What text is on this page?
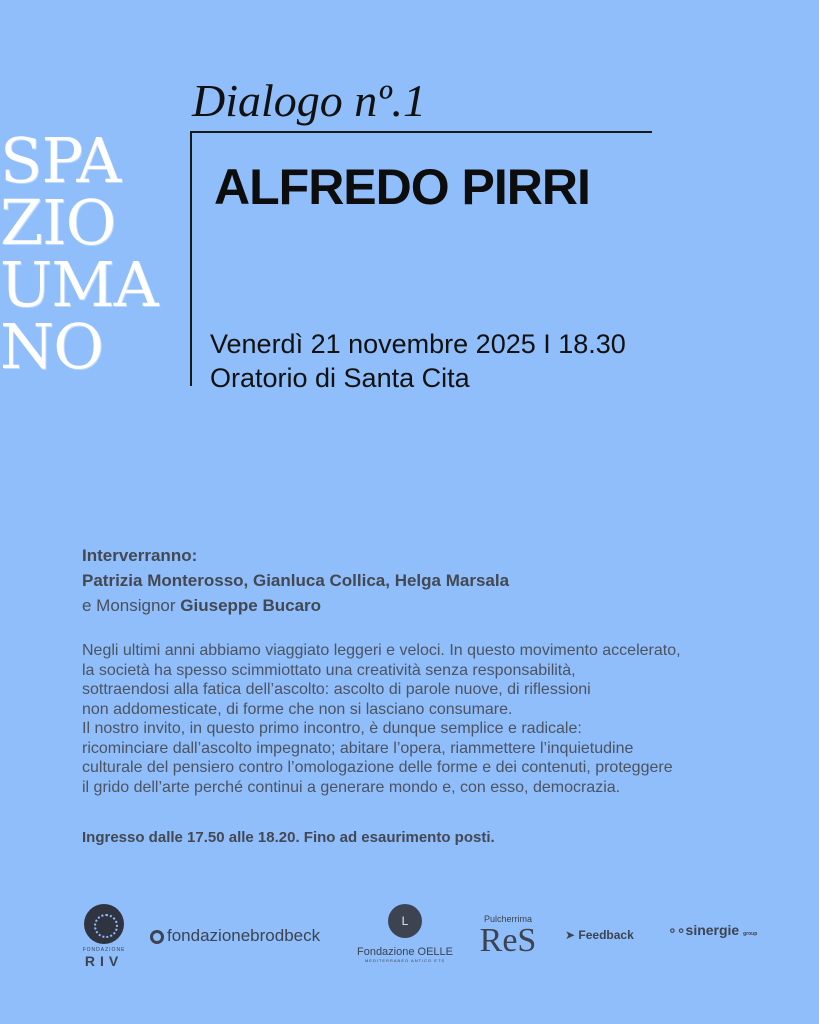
SPA
ZIO
UMA
NO
Dialogo nº.1
ALFREDO PIRRI
Venerdì 21 novembre 2025 I 18.30
Oratorio di Santa Cita
Interverranno:
Patrizia Monterosso, Gianluca Collica, Helga Marsala
e Monsignor Giuseppe Bucaro
Negli ultimi anni abbiamo viaggiato leggeri e veloci. In questo movimento accelerato,
la società ha spesso scimmiottato una creatività senza responsabilità,
sottraendosi alla fatica dell’ascolto: ascolto di parole nuove, di riflessioni
non addomesticate, di forme che non si lasciano consumare.
Il nostro invito, in questo primo incontro, è dunque semplice e radicale:
ricominciare dall’ascolto impegnato; abitare l’opera, riammettere l’inquietudine
culturale del pensiero contro l’omologazione delle forme e dei contenuti, proteggere
il grido dell’arte perché continui a generare mondo e, con esso, democrazia.
Ingresso dalle 17.50 alle 18.20. Fino ad esaurimento posti.
FONDAZIONE
RIV
fondazionebrodbeck
L
Fondazione OELLE
MEDITERRANEO ANTICO ETS
Pulcherrima
ReS ➤ Feedback ∘∘sinergie group
